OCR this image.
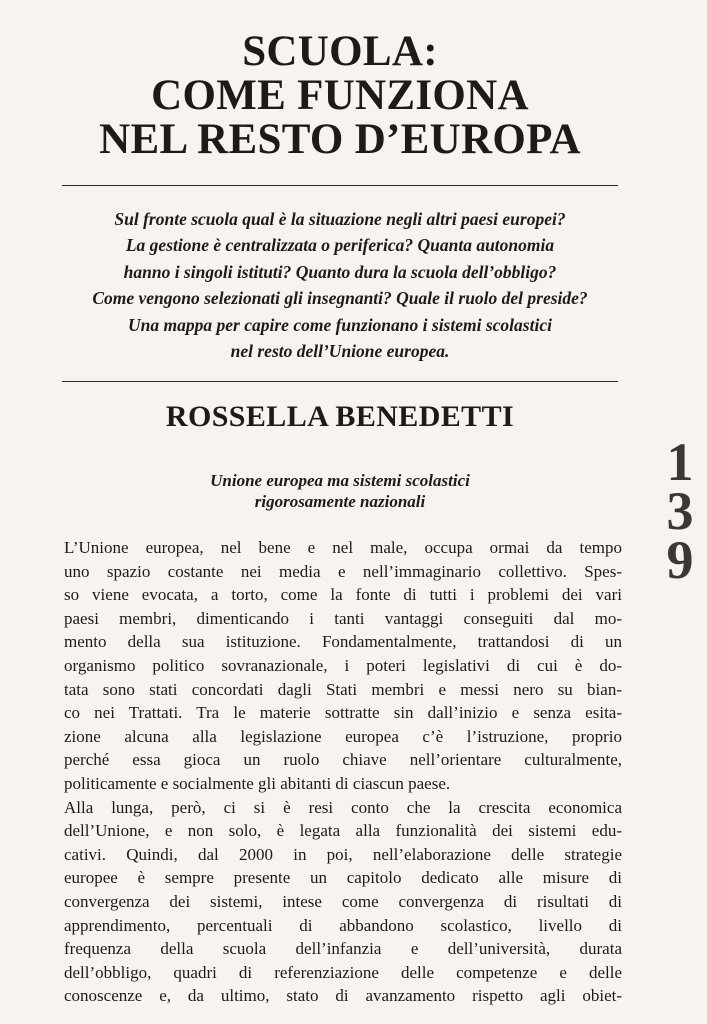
SCUOLA:
COME FUNZIONA
NEL RESTO D’EUROPA
Sul fronte scuola qual è la situazione negli altri paesi europei?
La gestione è centralizzata o periferica? Quanta autonomia
hanno i singoli istituti? Quanto dura la scuola dell’obbligo?
Come vengono selezionati gli insegnanti? Quale il ruolo del preside?
Una mappa per capire come funzionano i sistemi scolastici
nel resto dell’Unione europea.
ROSSELLA BENEDETTI
1
3
9
Unione europea ma sistemi scolastici
rigorosamente nazionali
L’Unione europea, nel bene e nel male, occupa ormai da tempo
uno spazio costante nei media e nell’immaginario collettivo. Spes-
so viene evocata, a torto, come la fonte di tutti i problemi dei vari
paesi membri, dimenticando i tanti vantaggi conseguiti dal mo-
mento della sua istituzione. Fondamentalmente, trattandosi di un
organismo politico sovranazionale, i poteri legislativi di cui è do-
tata sono stati concordati dagli Stati membri e messi nero su bian-
co nei Trattati. Tra le materie sottratte sin dall’inizio e senza esita-
zione alcuna alla legislazione europea c’è l’istruzione, proprio
perché essa gioca un ruolo chiave nell’orientare culturalmente,
politicamente e socialmente gli abitanti di ciascun paese.
Alla lunga, però, ci si è resi conto che la crescita economica
dell’Unione, e non solo, è legata alla funzionalità dei sistemi edu-
cativi. Quindi, dal 2000 in poi, nell’elaborazione delle strategie
europee è sempre presente un capitolo dedicato alle misure di
convergenza dei sistemi, intese come convergenza di risultati di
apprendimento, percentuali di abbandono scolastico, livello di
frequenza della scuola dell’infanzia e dell’università, durata
dell’obbligo, quadri di referenziazione delle competenze e delle
conoscenze e, da ultimo, stato di avanzamento rispetto agli obiet-
